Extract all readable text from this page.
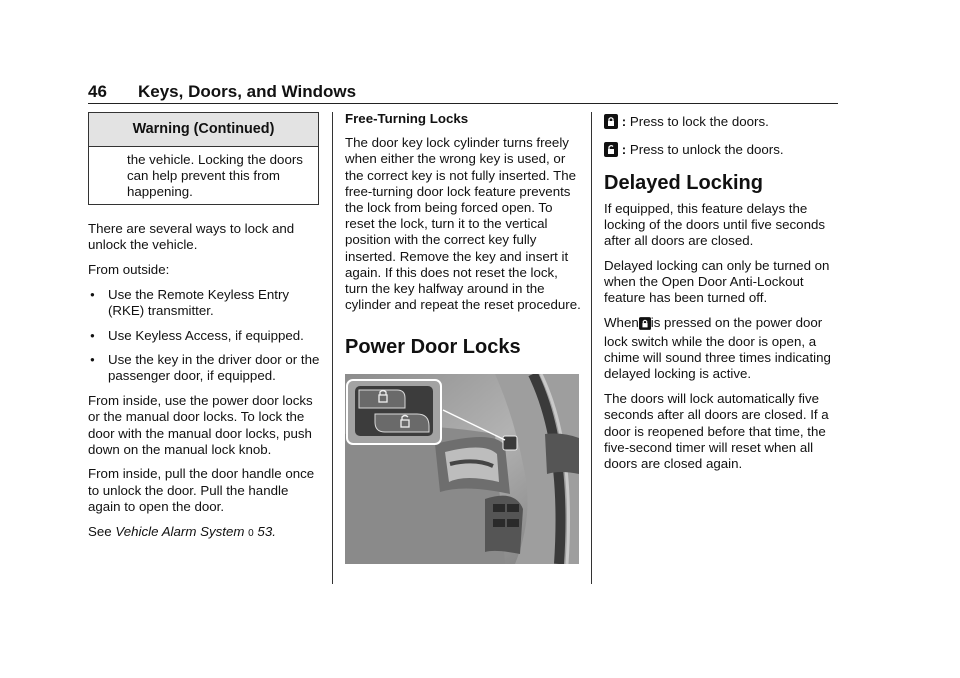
46 Keys, Doors, and Windows
Warning (Continued)
the vehicle. Locking the doors can help prevent this from happening.

There are several ways to lock and unlock the vehicle.

From outside:

● Use the Remote Keyless Entry (RKE) transmitter.
● Use Keyless Access, if equipped.
● Use the key in the driver door or the passenger door, if equipped.

From inside, use the power door locks or the manual door locks. To lock the door with the manual door locks, push down on the manual lock knob.

From inside, pull the door handle once to unlock the door. Pull the handle again to open the door.

See Vehicle Alarm System 0 53.

Free-Turning Locks

The door key lock cylinder turns freely when either the wrong key is used, or the correct key is not fully inserted. The free-turning door lock feature prevents the lock from being forced open. To reset the lock, turn it to the vertical position with the correct key fully inserted. Remove the key and insert it again. If this does not reset the lock, turn the key halfway around in the cylinder and repeat the reset procedure.

Power Door Locks

: Press to lock the doors.

: Press to unlock the doors.

Delayed Locking

If equipped, this feature delays the locking of the doors until five seconds after all doors are closed.

Delayed locking can only be turned on when the Open Door Anti-Lockout feature has been turned off.

When is pressed on the power door lock switch while the door is open, a chime will sound three times indicating delayed locking is active.

The doors will lock automatically five seconds after all doors are closed. If a door is reopened before that time, the five-second timer will reset when all doors are closed again.
